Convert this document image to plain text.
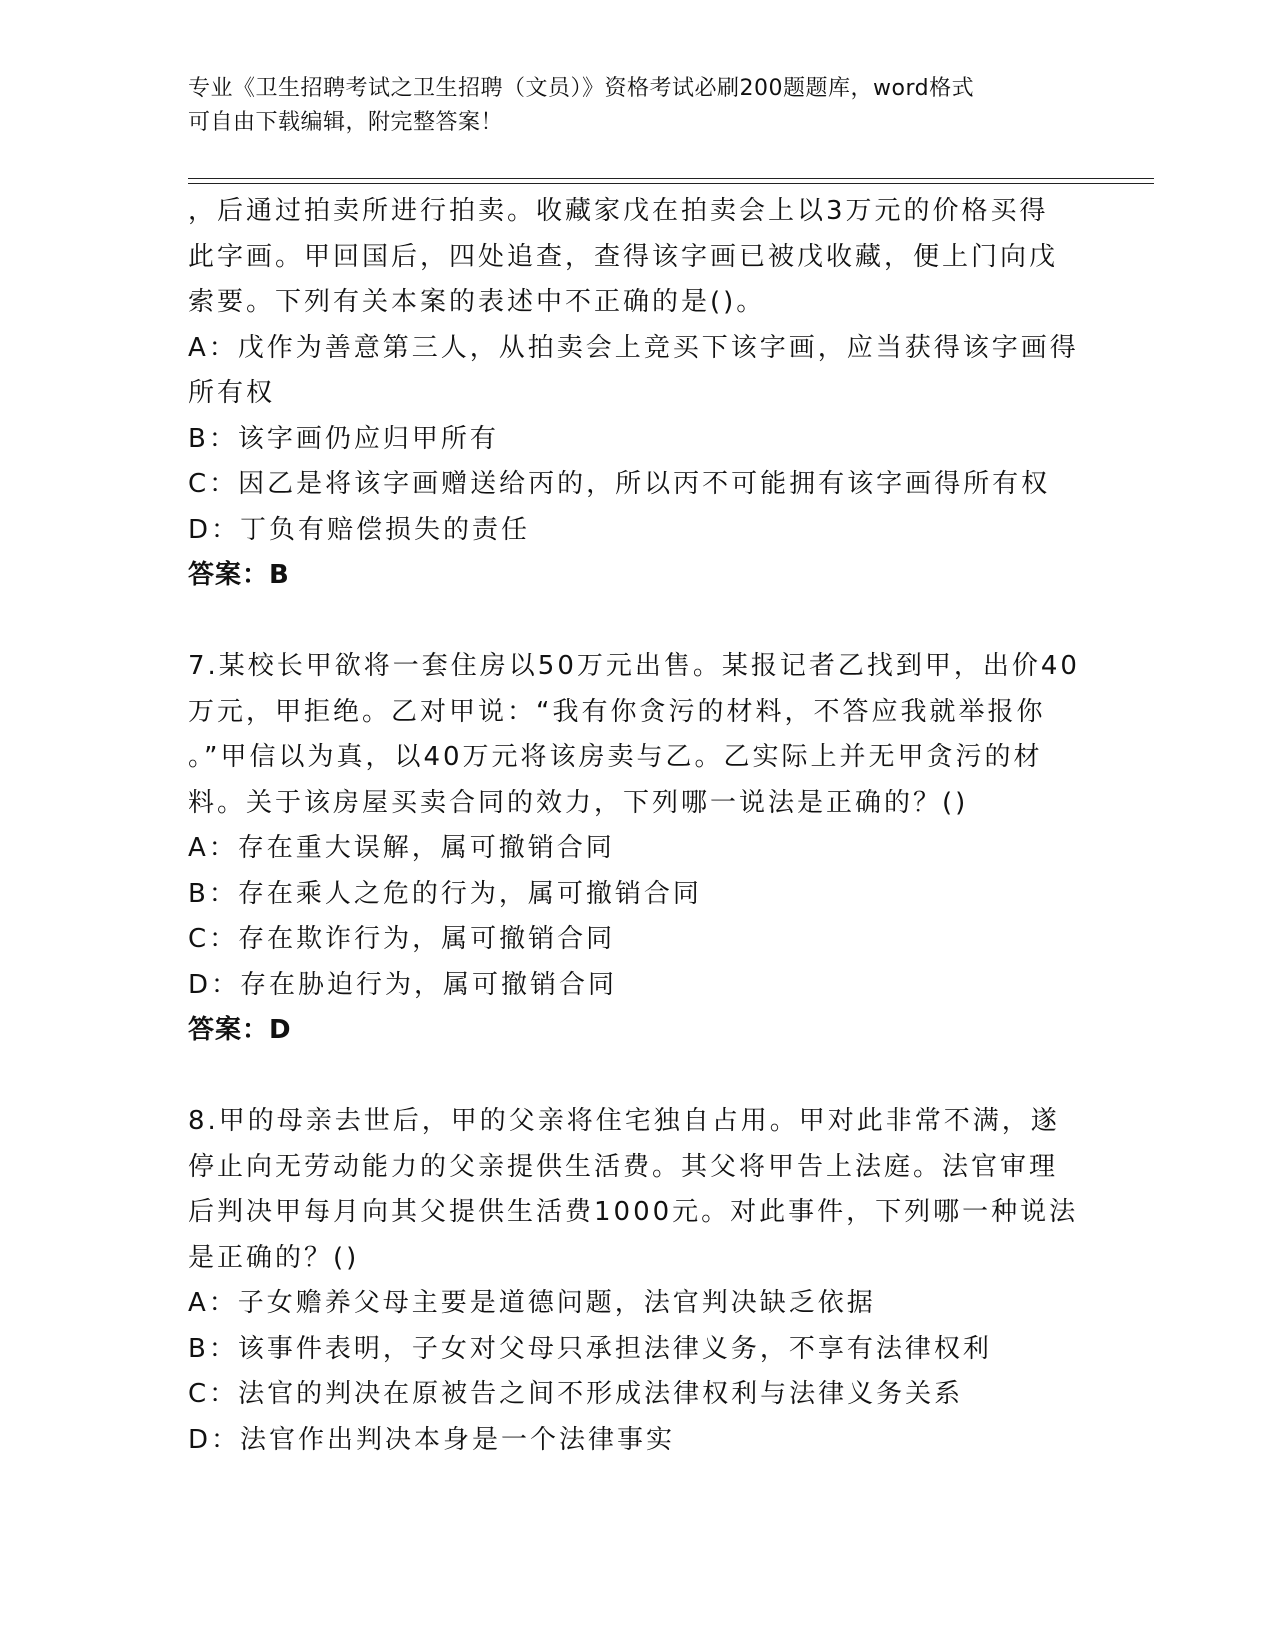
专业《卫生招聘考试之卫生招聘（文员）》资格考试必刷200题题库，word格式
可自由下载编辑，附完整答案！
，后通过拍卖所进行拍卖。收藏家戊在拍卖会上以3万元的价格买得
此字画。甲回国后，四处追查，查得该字画已被戊收藏，便上门向戊
索要。下列有关本案的表述中不正确的是()。
A：戊作为善意第三人，从拍卖会上竞买下该字画，应当获得该字画得
所有权
B：该字画仍应归甲所有
C：因乙是将该字画赠送给丙的，所以丙不可能拥有该字画得所有权
D：丁负有赔偿损失的责任
答案：B
7.某校长甲欲将一套住房以50万元出售。某报记者乙找到甲，出价40
万元，甲拒绝。乙对甲说：“我有你贪污的材料，不答应我就举报你
。”甲信以为真，以40万元将该房卖与乙。乙实际上并无甲贪污的材
料。关于该房屋买卖合同的效力，下列哪一说法是正确的？()
A：存在重大误解，属可撤销合同
B：存在乘人之危的行为，属可撤销合同
C：存在欺诈行为，属可撤销合同
D：存在胁迫行为，属可撤销合同
答案：D
8.甲的母亲去世后，甲的父亲将住宅独自占用。甲对此非常不满，遂
停止向无劳动能力的父亲提供生活费。其父将甲告上法庭。法官审理
后判决甲每月向其父提供生活费1000元。对此事件，下列哪一种说法
是正确的？()
A：子女赡养父母主要是道德问题，法官判决缺乏依据
B：该事件表明，子女对父母只承担法律义务，不享有法律权利
C：法官的判决在原被告之间不形成法律权利与法律义务关系
D：法官作出判决本身是一个法律事实
